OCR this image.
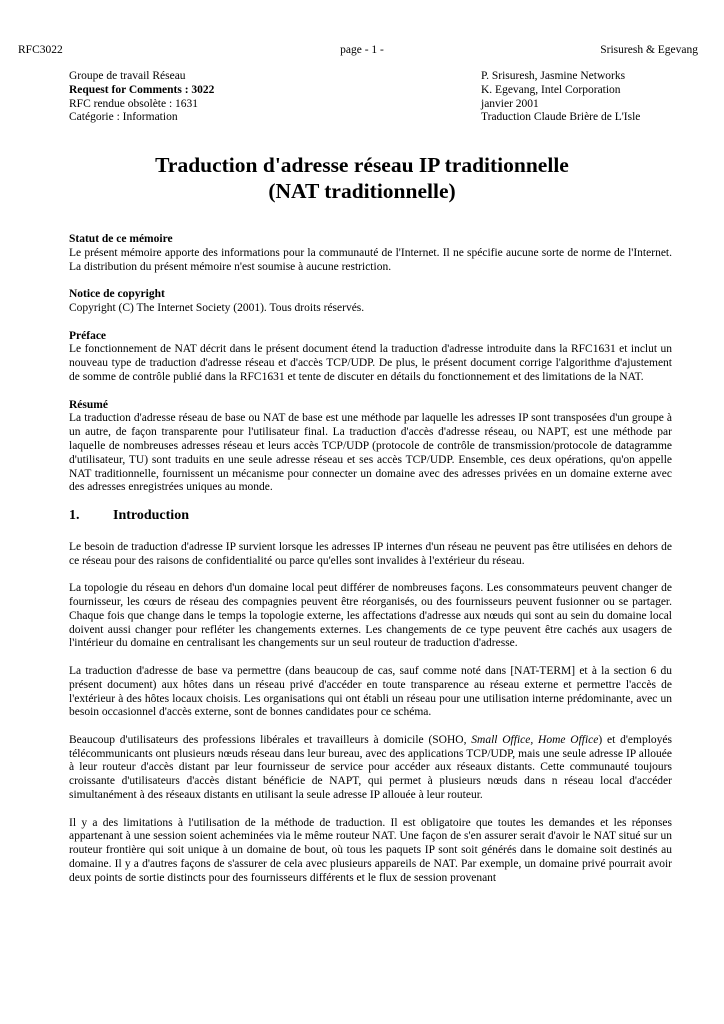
RFC3022	page - 1 -	Srisuresh & Egevang
Groupe de travail Réseau
Request for Comments : 3022
RFC rendue obsolète : 1631
Catégorie : Information
P. Srisuresh, Jasmine Networks
K. Egevang, Intel Corporation
janvier 2001
Traduction Claude Brière de L'Isle
Traduction d'adresse réseau IP traditionnelle
(NAT traditionnelle)
Statut de ce mémoire

Le présent mémoire apporte des informations pour la communauté de l'Internet. Il ne spécifie aucune sorte de norme de l'Internet. La distribution du présent mémoire n'est soumise à aucune restriction.

Notice de copyright

Copyright (C) The Internet Society (2001). Tous droits réservés.

Préface

Le fonctionnement de NAT décrit dans le présent document étend la traduction d'adresse introduite dans la RFC1631 et inclut un nouveau type de traduction d'adresse réseau et d'accès TCP/UDP. De plus, le présent document corrige l'algorithme d'ajustement de somme de contrôle publié dans la RFC1631 et tente de discuter en détails du fonctionnement et des limitations de la NAT.

Résumé

La traduction d'adresse réseau de base ou NAT de base est une méthode par laquelle les adresses IP sont transposées d'un groupe à un autre, de façon transparente pour l'utilisateur final. La traduction d'accès d'adresse réseau, ou NAPT, est une méthode par laquelle de nombreuses adresses réseau et leurs accès TCP/UDP (protocole de contrôle de transmission/protocole de datagramme d'utilisateur, TU) sont traduits en une seule adresse réseau et ses accès TCP/UDP. Ensemble, ces deux opérations, qu'on appelle NAT traditionnelle, fournissent un mécanisme pour connecter un domaine avec des adresses privées en un domaine externe avec des adresses enregistrées uniques au monde.

1.	Introduction

Le besoin de traduction d'adresse IP survient lorsque les adresses IP internes d'un réseau ne peuvent pas être utilisées en dehors de ce réseau pour des raisons de confidentialité ou parce qu'elles sont invalides à l'extérieur du réseau.

La topologie du réseau en dehors d'un domaine local peut différer de nombreuses façons. Les consommateurs peuvent changer de fournisseur, les cœurs de réseau des compagnies peuvent être réorganisés, ou des fournisseurs peuvent fusionner ou se partager. Chaque fois que change dans le temps la topologie externe, les affectations d'adresse aux nœuds qui sont au sein du domaine local doivent aussi changer pour refléter les changements externes. Les changements de ce type peuvent être cachés aux usagers de l'intérieur du domaine en centralisant les changements sur un seul routeur de traduction d'adresse.

La traduction d'adresse de base va permettre (dans beaucoup de cas, sauf comme noté dans [NAT-TERM] et à la section 6 du présent document) aux hôtes dans un réseau privé d'accéder en toute transparence au réseau externe et permettre l'accès de l'extérieur à des hôtes locaux choisis. Les organisations qui ont établi un réseau pour une utilisation interne prédominante, avec un besoin occasionnel d'accès externe, sont de bonnes candidates pour ce schéma.

Beaucoup d'utilisateurs des professions libérales et travailleurs à domicile (SOHO, Small Office, Home Office) et d'employés télécommunicants ont plusieurs nœuds réseau dans leur bureau, avec des applications TCP/UDP, mais une seule adresse IP allouée à leur routeur d'accès distant par leur fournisseur de service pour accéder aux réseaux distants. Cette communauté toujours croissante d'utilisateurs d'accès distant bénéficie de NAPT, qui permet à plusieurs nœuds dans n réseau local d'accéder simultanément à des réseaux distants en utilisant la seule adresse IP allouée à leur routeur.

Il y a des limitations à l'utilisation de la méthode de traduction. Il est obligatoire que toutes les demandes et les réponses appartenant à une session soient acheminées via le même routeur NAT. Une façon de s'en assurer serait d'avoir le NAT situé sur un routeur frontière qui soit unique à un domaine de bout, où tous les paquets IP sont soit générés dans le domaine soit destinés au domaine. Il y a d'autres façons de s'assurer de cela avec plusieurs appareils de NAT. Par exemple, un domaine privé pourrait avoir deux points de sortie distincts pour des fournisseurs différents et le flux de session provenant
